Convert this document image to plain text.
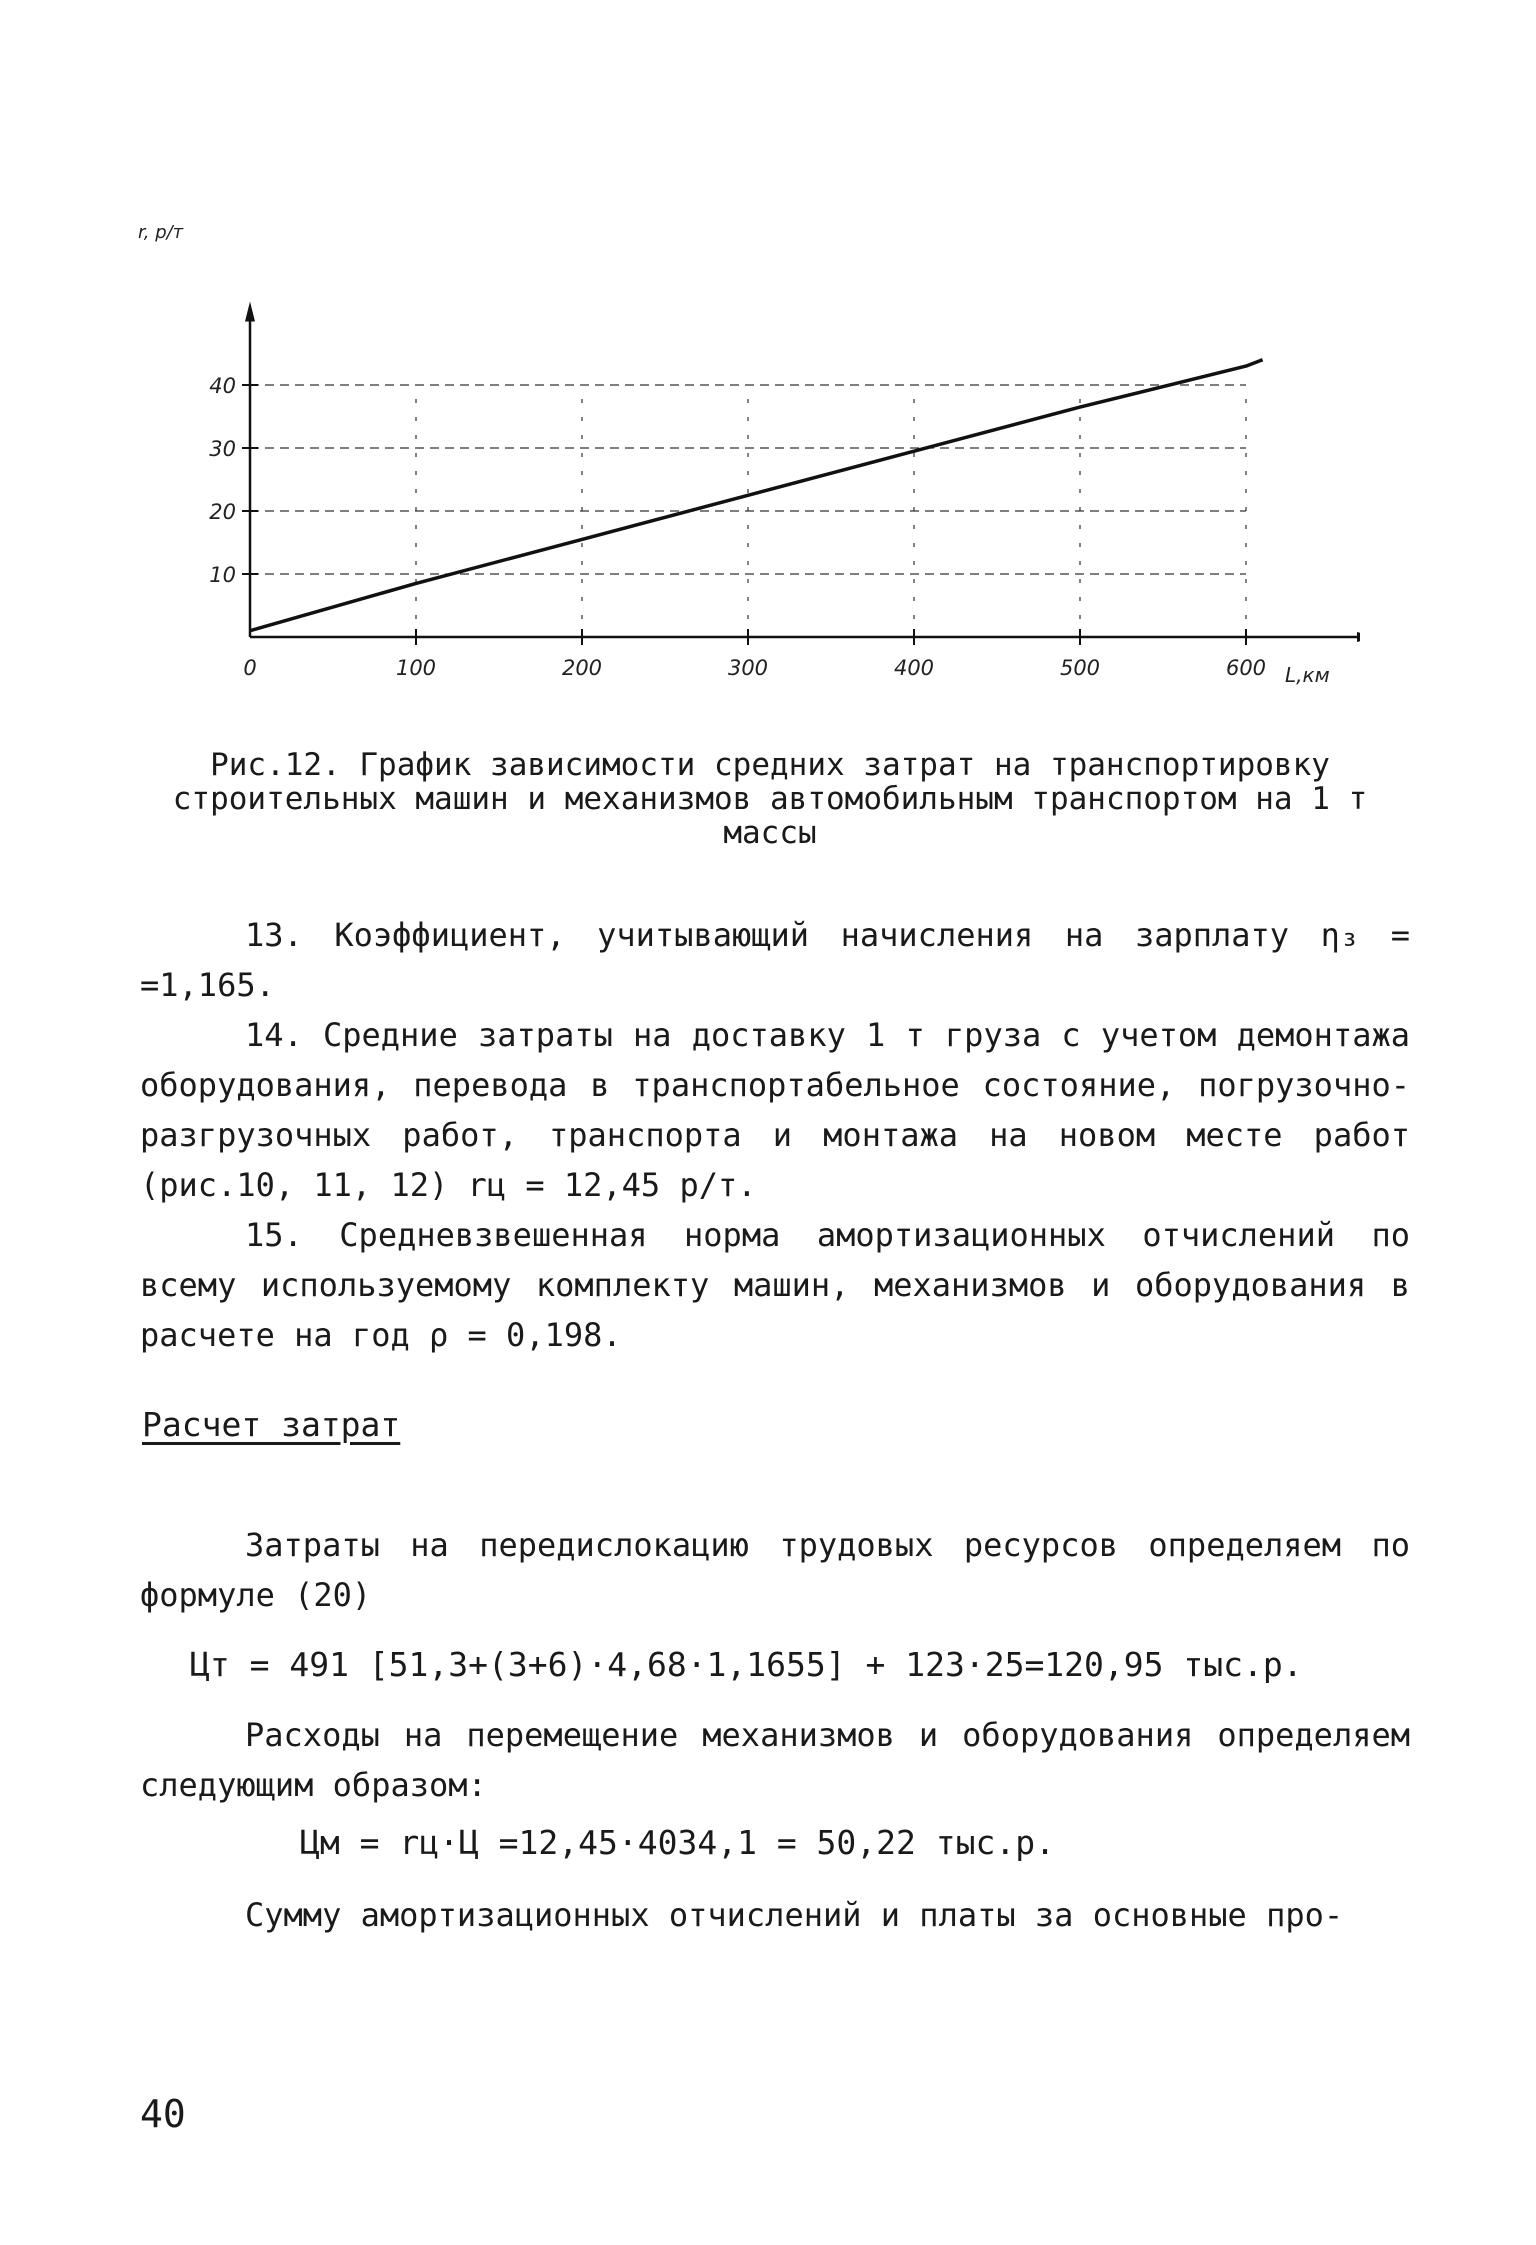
0	100	200	300	400	500	600
10
20
30
40
r, р/т
L,км

Рис.12. График зависимости средних затрат на транспортировку строительных машин и механизмов автомобильным транспортом на 1 т массы

13. Коэффициент, учитывающий начисления на зарплату η₃ = =1,165.

14. Средние затраты на доставку 1 т груза с учетом демонтажа оборудования, перевода в транспортабельное состояние, погрузочно-разгрузочных работ, транспорта и монтажа на новом месте работ (рис.10, 11, 12) rц = 12,45 р/т.

15. Средневзвешенная норма амортизационных отчислений по всему используемому комплекту машин, механизмов и оборудования в расчете на год ρ = 0,198.

Расчет затрат

Затраты на передислокацию трудовых ресурсов определяем по формуле (20)

Цт = 491 [51,3+(3+6)·4,68·1,1655] + 123·25=120,95 тыс.р.

Расходы на перемещение механизмов и оборудования определяем следующим образом:

Цм = rц·Ц =12,45·4034,1 = 50,22 тыс.р.

Сумму амортизационных отчислений и платы за основные про-

40
